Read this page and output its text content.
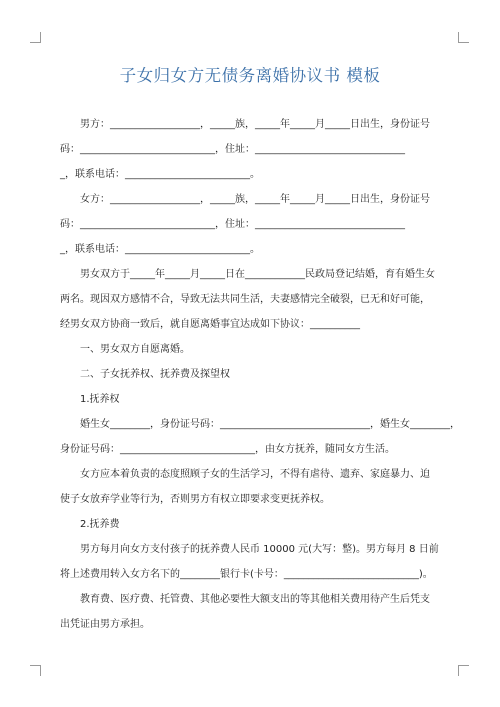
子女归女方无债务离婚协议书 模板
男方：__________________，_____族，_____年_____月_____日出生，身份证号
码：___________________________，住址：______________________________
_，联系电话：_________________________。
女方：__________________，_____族，_____年_____月_____日出生，身份证号
码：___________________________，住址：______________________________
_，联系电话：_________________________。
男女双方于_____年_____月_____日在____________民政局登记结婚，育有婚生女
两名。现因双方感情不合，导致无法共同生活，夫妻感情完全破裂，已无和好可能，
经男女双方协商一致后，就自愿离婚事宜达成如下协议：__________
一、男女双方自愿离婚。
二、子女抚养权、抚养费及探望权
1.抚养权
婚生女________，身份证号码：______________________________，婚生女________，
身份证号码：___________________________，由女方抚养，随同女方生活。
女方应本着负责的态度照顾子女的生活学习，不得有虐待、遗弃、家庭暴力、迫
使子女放弃学业等行为，否则男方有权立即要求变更抚养权。
2.抚养费
男方每月向女方支付孩子的抚养费人民币 10000 元(大写：整)。男方每月 8 日前
将上述费用转入女方名下的________银行卡(卡号：___________________________)。
教育费、医疗费、托管费、其他必要性大额支出的等其他相关费用待产生后凭支
出凭证由男方承担。
